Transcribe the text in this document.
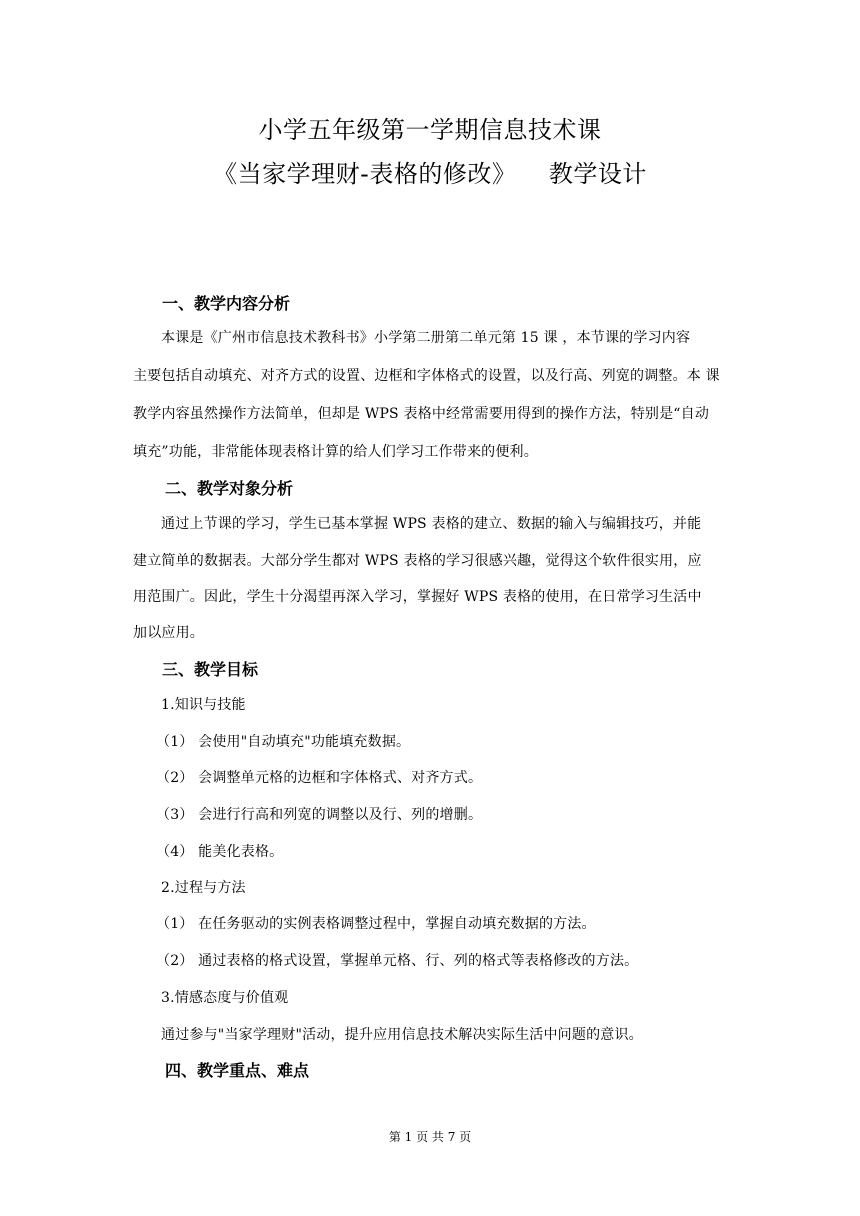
小学五年级第一学期信息技术课
《当家学理财-表格的修改》    教学设计
一、教学内容分析
本课是《广州市信息技术教科书》小学第二册第二单元第 15 课 ，本节课的学习内容
主要包括自动填充、对齐方式的设置、边框和字体格式的设置，以及行高、列宽的调整。本 课
教学内容虽然操作方法简单，但却是 WPS 表格中经常需要用得到的操作方法，特别是“自动
填充”功能，非常能体现表格计算的给人们学习工作带来的便利。
二、教学对象分析
通过上节课的学习，学生已基本掌握 WPS 表格的建立、数据的输入与编辑技巧，并能
建立简单的数据表。大部分学生都对 WPS 表格的学习很感兴趣，觉得这个软件很实用，应
用范围广。因此，学生十分渴望再深入学习，掌握好 WPS 表格的使用，在日常学习生活中
加以应用。
三、教学目标
1.知识与技能
（1） 会使用"自动填充"功能填充数据。
（2） 会调整单元格的边框和字体格式、对齐方式。
（3） 会进行行高和列宽的调整以及行、列的增删。
（4） 能美化表格。
2.过程与方法
（1） 在任务驱动的实例表格调整过程中，掌握自动填充数据的方法。
（2） 通过表格的格式设置，掌握单元格、行、列的格式等表格修改的方法。
3.情感态度与价值观
通过参与"当家学理财"活动，提升应用信息技术解决实际生活中问题的意识。
四、教学重点、难点
第 1 页 共 7 页
